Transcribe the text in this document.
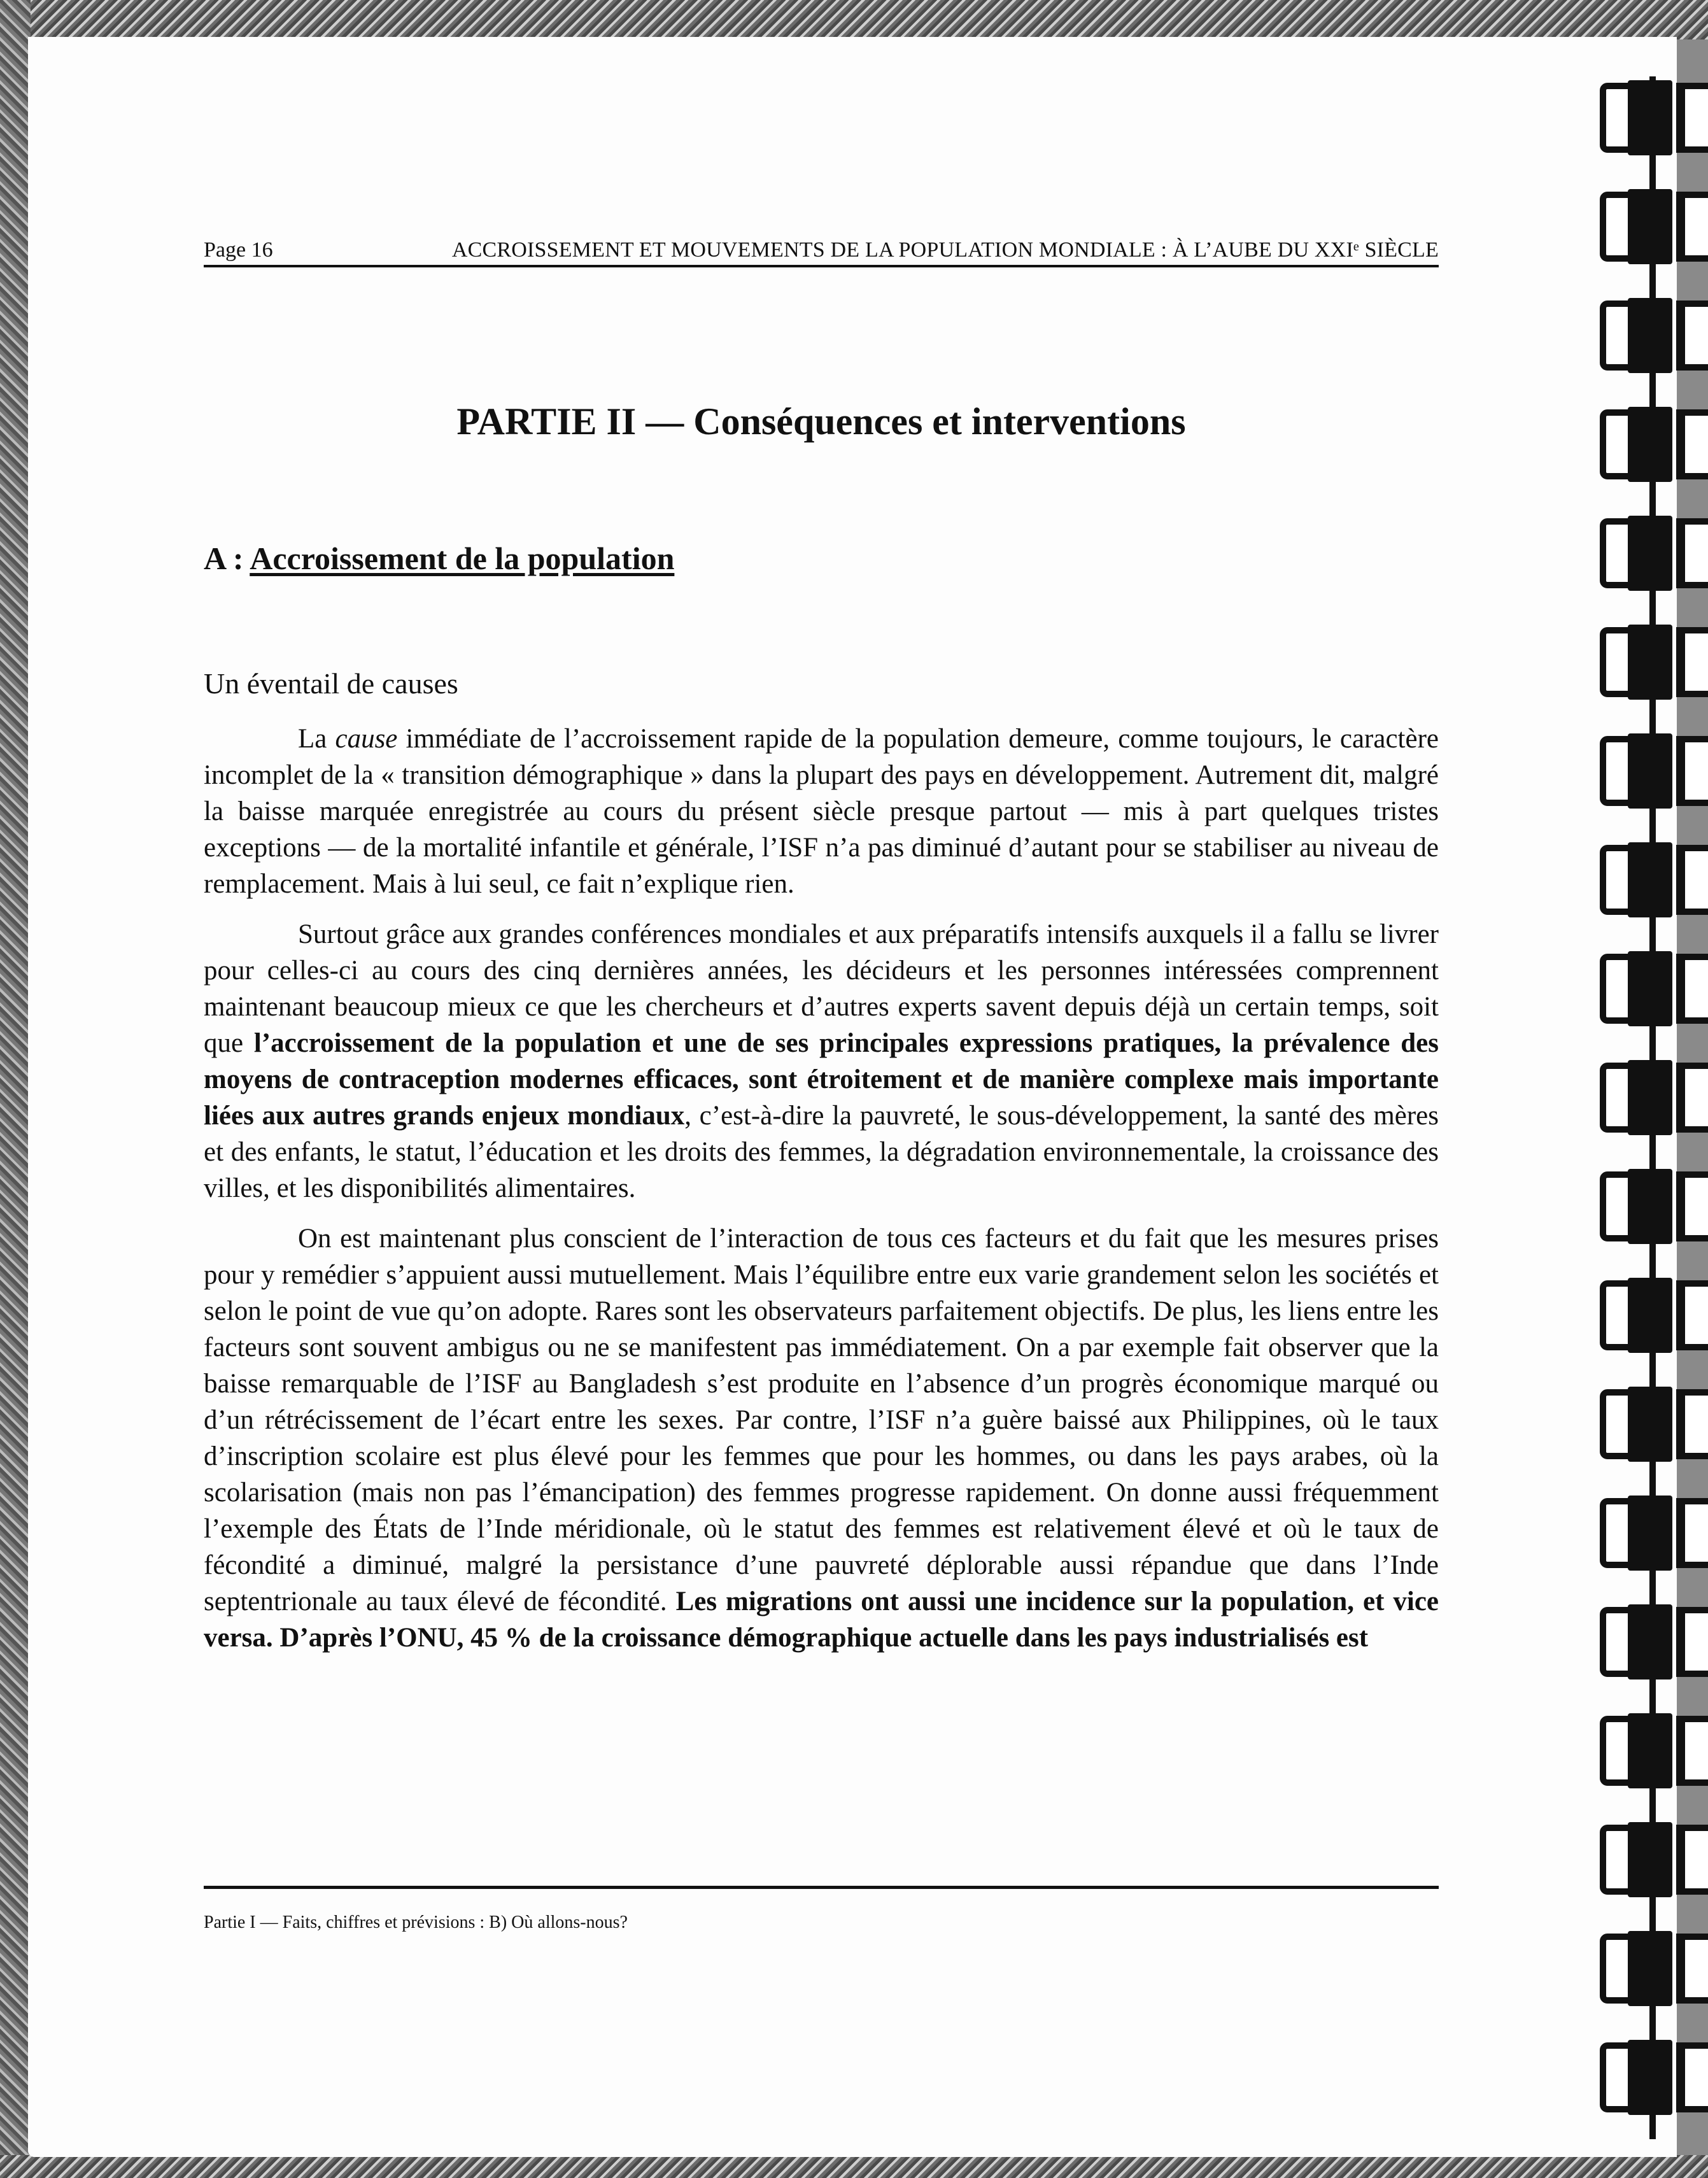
Page 16	ACCROISSEMENT ET MOUVEMENTS DE LA POPULATION MONDIALE : À L’AUBE DU XXIᵉ SIÈCLE
PARTIE II — Conséquences et interventions
A : Accroissement de la population
Un éventail de causes

La cause immédiate de l’accroissement rapide de la population demeure, comme toujours, le caractère incomplet de la « transition démographique » dans la plupart des pays en développement. Autrement dit, malgré la baisse marquée enregistrée au cours du présent siècle presque partout — mis à part quelques tristes exceptions — de la mortalité infantile et générale, l’ISF n’a pas diminué d’autant pour se stabiliser au niveau de remplacement. Mais à lui seul, ce fait n’explique rien.

Surtout grâce aux grandes conférences mondiales et aux préparatifs intensifs auxquels il a fallu se livrer pour celles-ci au cours des cinq dernières années, les décideurs et les personnes intéressées comprennent maintenant beaucoup mieux ce que les chercheurs et d’autres experts savent depuis déjà un certain temps, soit que l’accroissement de la population et une de ses principales expressions pratiques, la prévalence des moyens de contraception modernes efficaces, sont étroitement et de manière complexe mais importante liées aux autres grands enjeux mondiaux, c’est-à-dire la pauvreté, le sous-développement, la santé des mères et des enfants, le statut, l’éducation et les droits des femmes, la dégradation environnementale, la croissance des villes, et les disponibilités alimentaires.

On est maintenant plus conscient de l’interaction de tous ces facteurs et du fait que les mesures prises pour y remédier s’appuient aussi mutuellement. Mais l’équilibre entre eux varie grandement selon les sociétés et selon le point de vue qu’on adopte. Rares sont les observateurs parfaitement objectifs. De plus, les liens entre les facteurs sont souvent ambigus ou ne se manifestent pas immédiatement. On a par exemple fait observer que la baisse remarquable de l’ISF au Bangladesh s’est produite en l’absence d’un progrès économique marqué ou d’un rétrécissement de l’écart entre les sexes. Par contre, l’ISF n’a guère baissé aux Philippines, où le taux d’inscription scolaire est plus élevé pour les femmes que pour les hommes, ou dans les pays arabes, où la scolarisation (mais non pas l’émancipation) des femmes progresse rapidement. On donne aussi fréquemment l’exemple des États de l’Inde méridionale, où le statut des femmes est relativement élevé et où le taux de fécondité a diminué, malgré la persistance d’une pauvreté déplorable aussi répandue que dans l’Inde septentrionale au taux élevé de fécondité. Les migrations ont aussi une incidence sur la population, et vice versa. D’après l’ONU, 45 % de la croissance démographique actuelle dans les pays industrialisés est

Partie I — Faits, chiffres et prévisions : B) Où allons-nous?
